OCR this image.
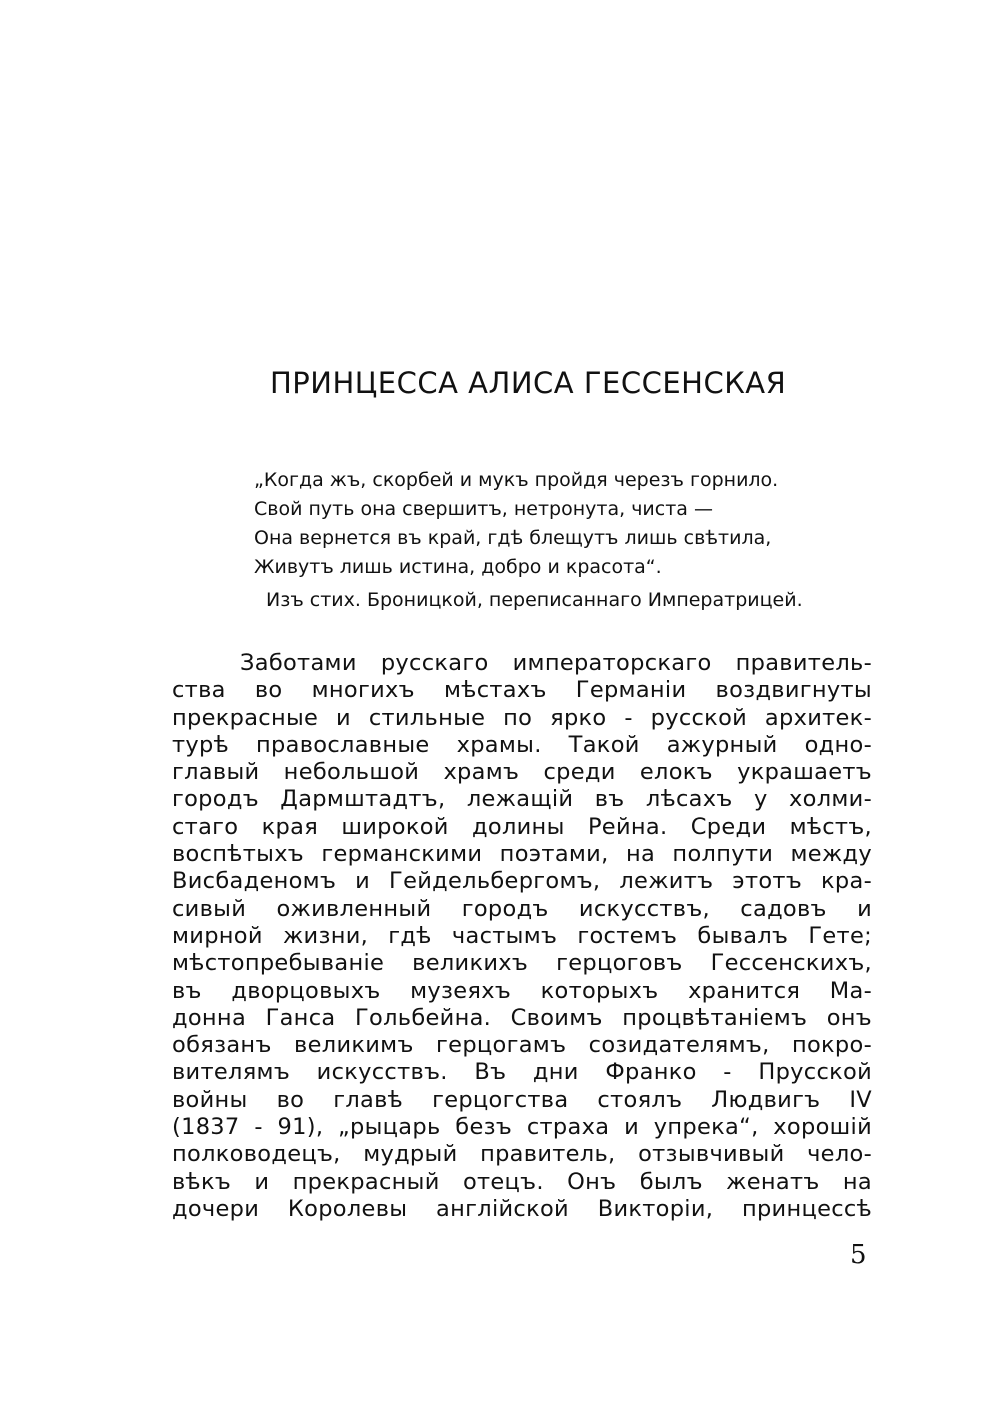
ПРИНЦЕССА АЛИСА ГЕССЕНСКАЯ
„Когда жъ, скорбей и мукъ пройдя черезъ горнило.
Свой путь она свершитъ, нетронута, чиста —
Она вернется въ край, гдѣ блещутъ лишь свѣтила,
Живутъ лишь истина, добро и красота“.
Изъ стих. Броницкой, переписаннаго Императрицей.
Заботами русскаго императорскаго правитель-
ства во многихъ мѣстахъ Германіи воздвигнуты
прекрасные и стильные по ярко - русской архитек-
турѣ православные храмы. Такой ажурный одно-
главый небольшой храмъ среди елокъ украшаетъ
городъ Дармштадтъ, лежащій въ лѣсахъ у холми-
стаго края широкой долины Рейна. Среди мѣстъ,
воспѣтыхъ германскими поэтами, на полпути между
Висбаденомъ и Гейдельбергомъ, лежитъ этотъ кра-
сивый оживленный городъ искусствъ, садовъ и
мирной жизни, гдѣ частымъ гостемъ бывалъ Гете;
мѣстопребываніе великихъ герцоговъ Гессенскихъ,
въ дворцовыхъ музеяхъ которыхъ хранится Ма-
донна Ганса Гольбейна. Своимъ процвѣтаніемъ онъ
обязанъ великимъ герцогамъ созидателямъ, покро-
вителямъ искусствъ. Въ дни Франко - Прусской
войны во главѣ герцогства стоялъ Людвигъ IV
(1837 - 91), „рыцарь безъ страха и упрека“, хорошій
полководецъ, мудрый правитель, отзывчивый чело-
вѣкъ и прекрасный отецъ. Онъ былъ женатъ на
дочери Королевы англійской Викторіи, принцессѣ
5
